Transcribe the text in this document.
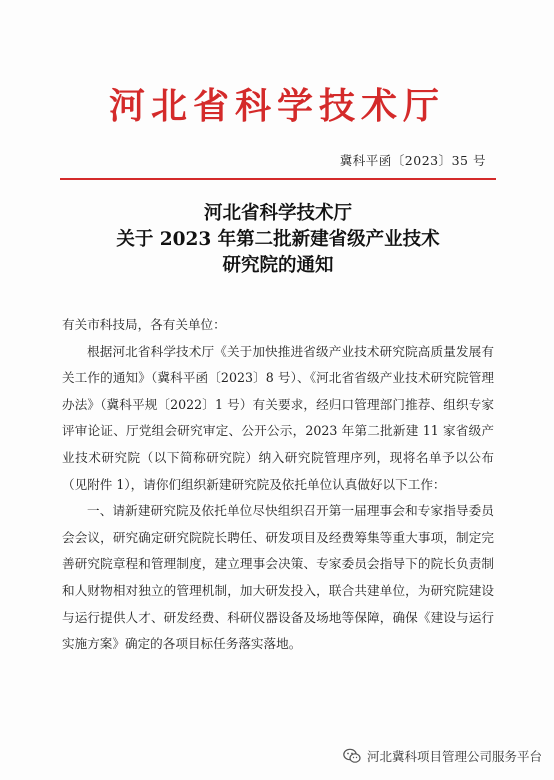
河北省科学技术厅
冀科平函〔2023〕35 号
河北省科学技术厅
关于 2023 年第二批新建省级产业技术
研究院的通知

有关市科技局，各有关单位：

根据河北省科学技术厅《关于加快推进省级产业技术研究院高质量发展有关工作的通知》（冀科平函〔2023〕8 号）、《河北省省级产业技术研究院管理办法》（冀科平规〔2022〕1 号）有关要求，经归口管理部门推荐、组织专家评审论证、厅党组会研究审定、公开公示，2023 年第二批新建 11 家省级产业技术研究院（以下简称研究院）纳入研究院管理序列，现将名单予以公布（见附件 1），请你们组织新建研究院及依托单位认真做好以下工作：

一、请新建研究院及依托单位尽快组织召开第一届理事会和专家指导委员会会议，研究确定研究院院长聘任、研发项目及经费筹集等重大事项，制定完善研究院章程和管理制度，建立理事会决策、专家委员会指导下的院长负责制和人财物相对独立的管理机制，加大研发投入，联合共建单位，为研究院建设与运行提供人才、研发经费、科研仪器设备及场地等保障，确保《建设与运行实施方案》确定的各项目标任务落实落地。

河北冀科项目管理公司服务平台
